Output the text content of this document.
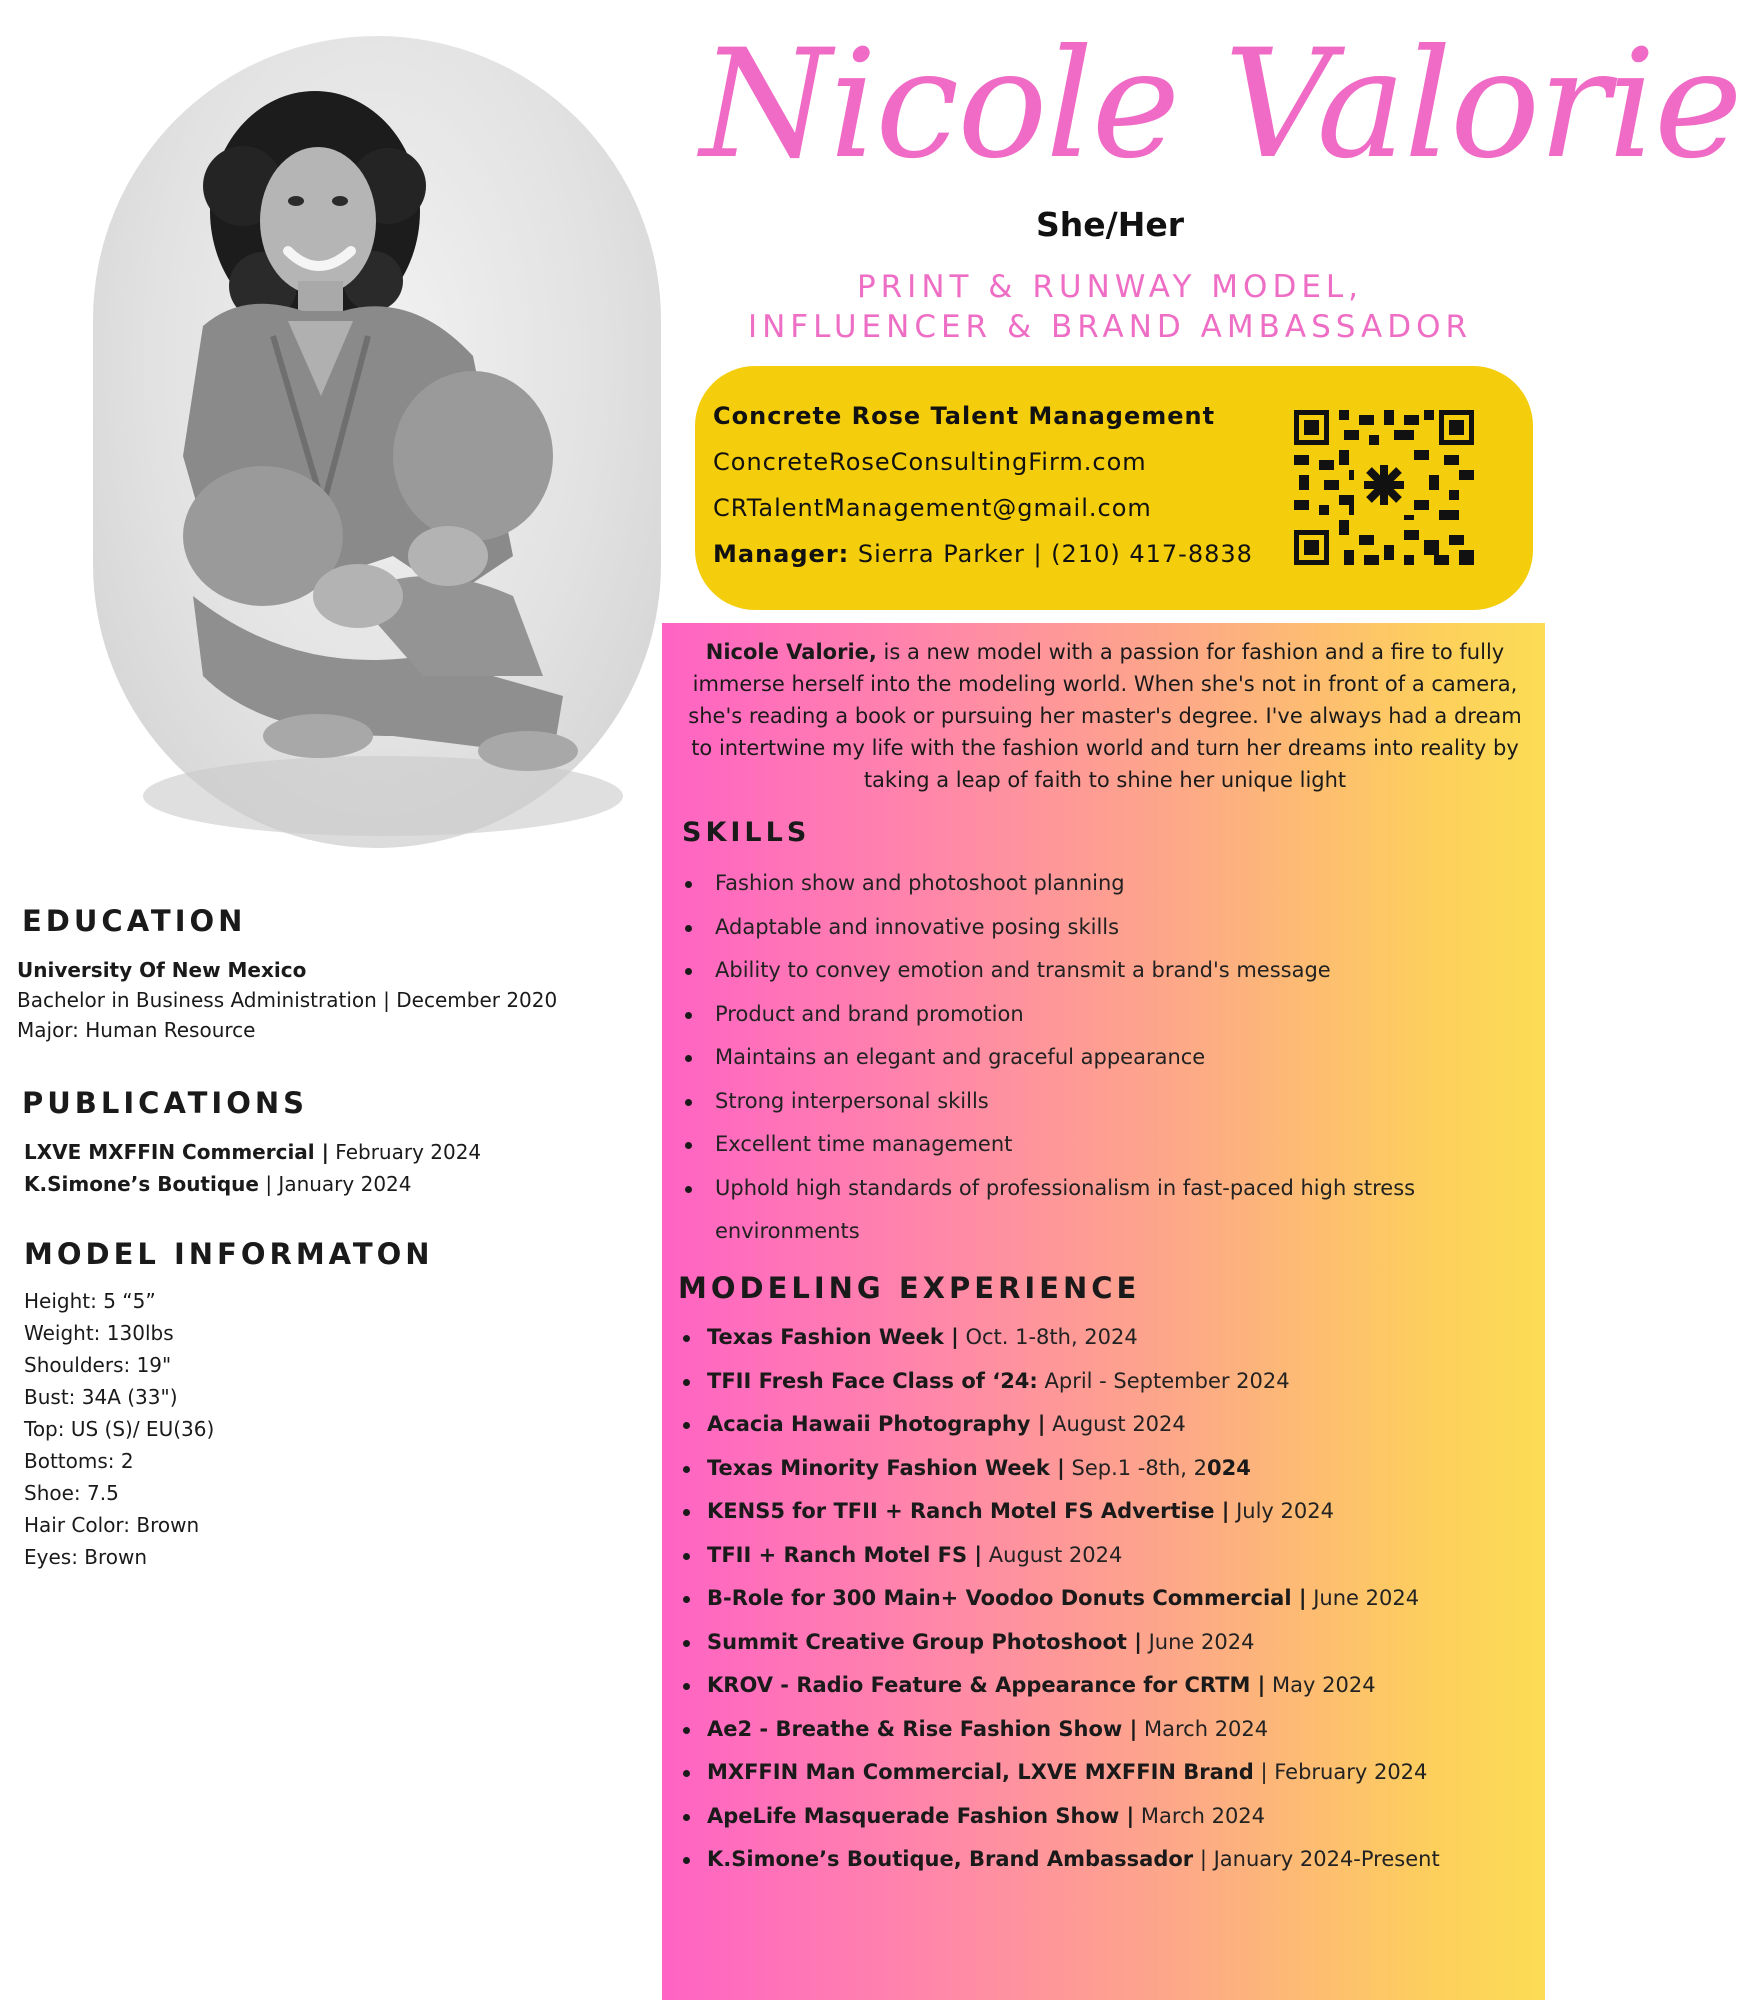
Nicole Valorie
She/Her
PRINT & RUNWAY MODEL,
INFLUENCER & BRAND AMBASSADOR
Concrete Rose Talent Management
ConcreteRoseConsultingFirm.com
CRTalentManagement@gmail.com
Manager: Sierra Parker | (210) 417-8838
Nicole Valorie, is a new model with a passion for fashion and a fire to fully immerse herself into the modeling world. When she's not in front of a camera, she's reading a book or pursuing her master's degree. I've always had a dream to intertwine my life with the fashion world and turn her dreams into reality by taking a leap of faith to shine her unique light
SKILLS
Fashion show and photoshoot planning
Adaptable and innovative posing skills
Ability to convey emotion and transmit a brand's message
Product and brand promotion
Maintains an elegant and graceful appearance
Strong interpersonal skills
Excellent time management
Uphold high standards of professionalism in fast-paced high stress environments
MODELING EXPERIENCE
Texas Fashion Week | Oct. 1-8th, 2024
TFII Fresh Face Class of ‘24: April - September 2024
Acacia Hawaii Photography | August 2024
Texas Minority Fashion Week | Sep.1 -8th, 2024
KENS5 for TFII + Ranch Motel FS Advertise | July 2024
TFII + Ranch Motel FS | August 2024
B-Role for 300 Main+ Voodoo Donuts Commercial | June 2024
Summit Creative Group Photoshoot | June 2024
KROV - Radio Feature & Appearance for CRTM | May 2024
Ae2 - Breathe & Rise Fashion Show | March 2024
MXFFIN Man Commercial, LXVE MXFFIN Brand | February 2024
ApeLife Masquerade Fashion Show | March 2024
K.Simone’s Boutique, Brand Ambassador | January 2024-Present
EDUCATION
University Of New Mexico
Bachelor in Business Administration | December 2020
Major: Human Resource
PUBLICATIONS
LXVE MXFFIN Commercial | February 2024
K.Simone’s Boutique | January 2024
MODEL INFORMATON
Height: 5 “5”
Weight: 130lbs
Shoulders: 19"
Bust: 34A (33")
Top: US (S)/ EU(36)
Bottoms: 2
Shoe: 7.5
Hair Color: Brown
Eyes: Brown
